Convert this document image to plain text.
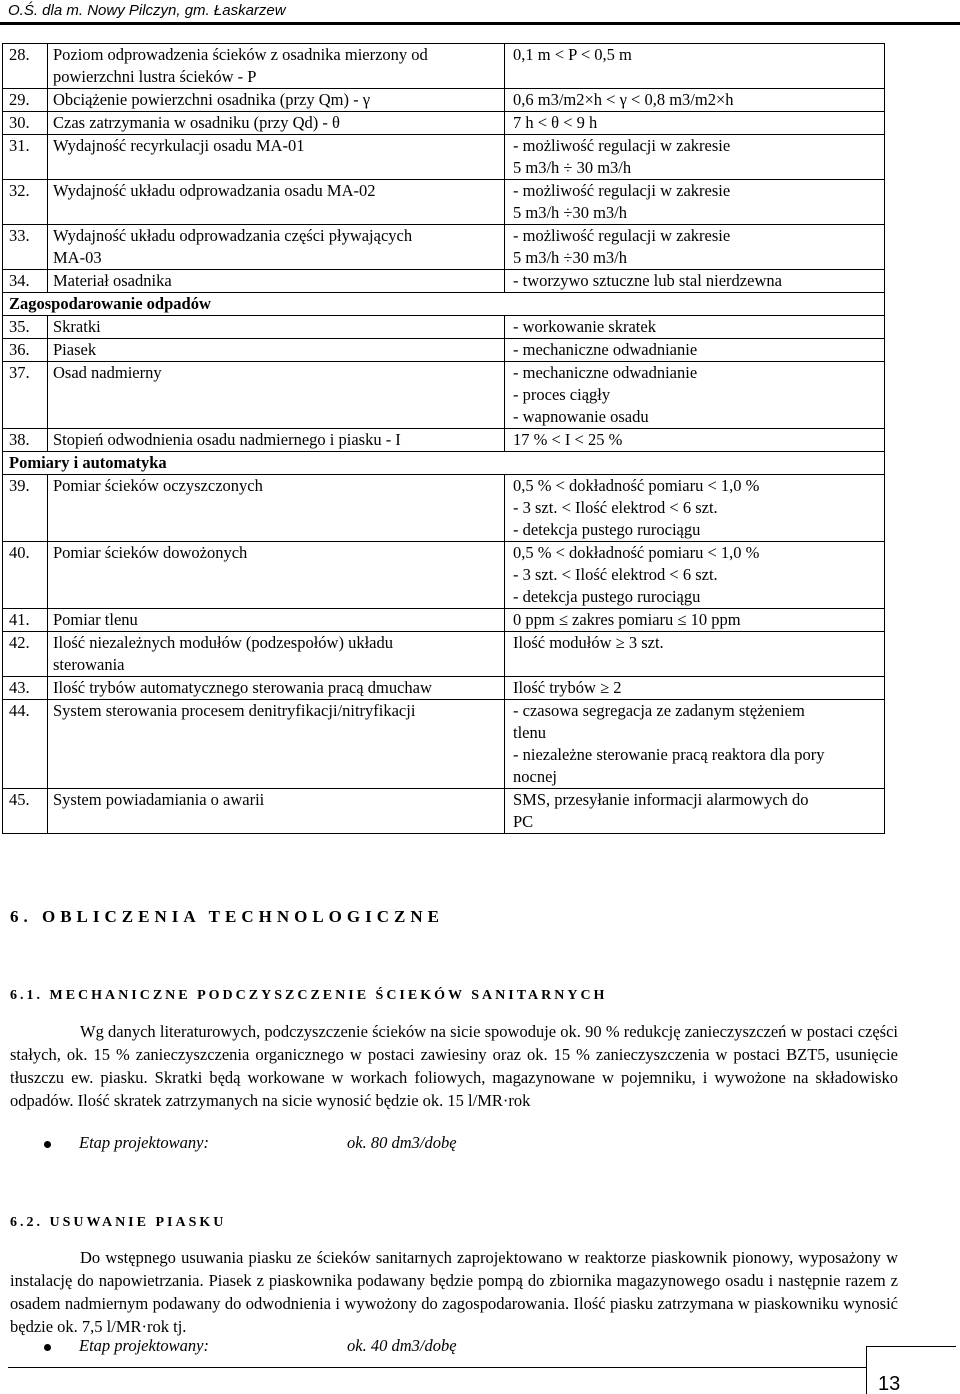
O.Ś. dla m. Nowy Pilczyn, gm. Łaskarzew
28.	Poziom odprowadzenia ścieków z osadnika mierzony od
powierzchni lustra ścieków - P	0,1 m < P < 0,5 m

29.	Obciążenie powierzchni osadnika (przy Qm) - γ	0,6 m3/m2×h < γ < 0,8 m3/m2×h

30.	Czas zatrzymania w osadniku (przy Qd) - θ	7 h < θ < 9 h

31.	Wydajność recyrkulacji osadu MA-01	- możliwość regulacji w zakresie
5 m3/h ÷ 30 m3/h

32.	Wydajność układu odprowadzania osadu MA-02	- możliwość regulacji w zakresie
5 m3/h ÷30 m3/h

33.	Wydajność układu odprowadzania części pływających
MA-03	- możliwość regulacji w zakresie
5 m3/h ÷30 m3/h

34.	Materiał osadnika	- tworzywo sztuczne lub stal nierdzewna

Zagospodarowanie odpadów		
35.	Skratki	- workowanie skratek

36.	Piasek	- mechaniczne odwadnianie

37.	Osad nadmierny	- mechaniczne odwadnianie
- proces ciągły
- wapnowanie osadu

38.	Stopień odwodnienia osadu nadmiernego i piasku - I	17 % < I < 25 %

Pomiary i automatyka		
39.	Pomiar ścieków oczyszczonych	0,5 % < dokładność pomiaru < 1,0 %
- 3 szt. < Ilość elektrod < 6 szt.
- detekcja pustego rurociągu

40.	Pomiar ścieków dowożonych	0,5 % < dokładność pomiaru < 1,0 %
- 3 szt. < Ilość elektrod < 6 szt.
- detekcja pustego rurociągu

41.	Pomiar tlenu	0 ppm ≤ zakres pomiaru ≤ 10 ppm

42.	Ilość niezależnych modułów (podzespołów) układu
sterowania	Ilość modułów ≥ 3 szt.

43.	Ilość trybów automatycznego sterowania pracą dmuchaw	Ilość trybów ≥ 2

44.	System sterowania procesem denitryfikacji/nitryfikacji	- czasowa segregacja ze zadanym stężeniem
tlenu
- niezależne sterowanie pracą reaktora dla pory
nocnej

45.	System powiadamiania o awarii	SMS, przesyłanie informacji alarmowych do
PC
6. OBLICZENIA TECHNOLOGICZNE
6.1. MECHANICZNE PODCZYSZCZENIE ŚCIEKÓW SANITARNYCH
Wg danych literaturowych, podczyszczenie ścieków na sicie spowoduje ok. 90 % redukcję zanieczyszczeń w postaci części stałych, ok. 15 % zanieczyszczenia organicznego w postaci zawiesiny oraz ok. 15 % zanieczyszczenia w postaci BZT5, usunięcie tłuszczu ew. piasku. Skratki będą workowane w workach foliowych, magazynowane w pojemniku, i wywożone na składowisko odpadów. Ilość skratek zatrzymanych na sicie wynosić będzie ok. 15 l/MR·rok
Etap projektowany:	ok. 80 dm3/dobę
6.2. USUWANIE PIASKU
Do wstępnego usuwania piasku ze ścieków sanitarnych zaprojektowano w reaktorze piaskownik pionowy, wyposażony w instalację do napowietrzania. Piasek z piaskownika podawany będzie pompą do zbiornika magazynowego osadu i następnie razem z osadem nadmiernym podawany do odwodnienia i wywożony do zagospodarowania. Ilość piasku zatrzymana w piaskowniku wynosić będzie ok. 7,5 l/MR·rok tj.
Etap projektowany:	ok. 40 dm3/dobę
13
